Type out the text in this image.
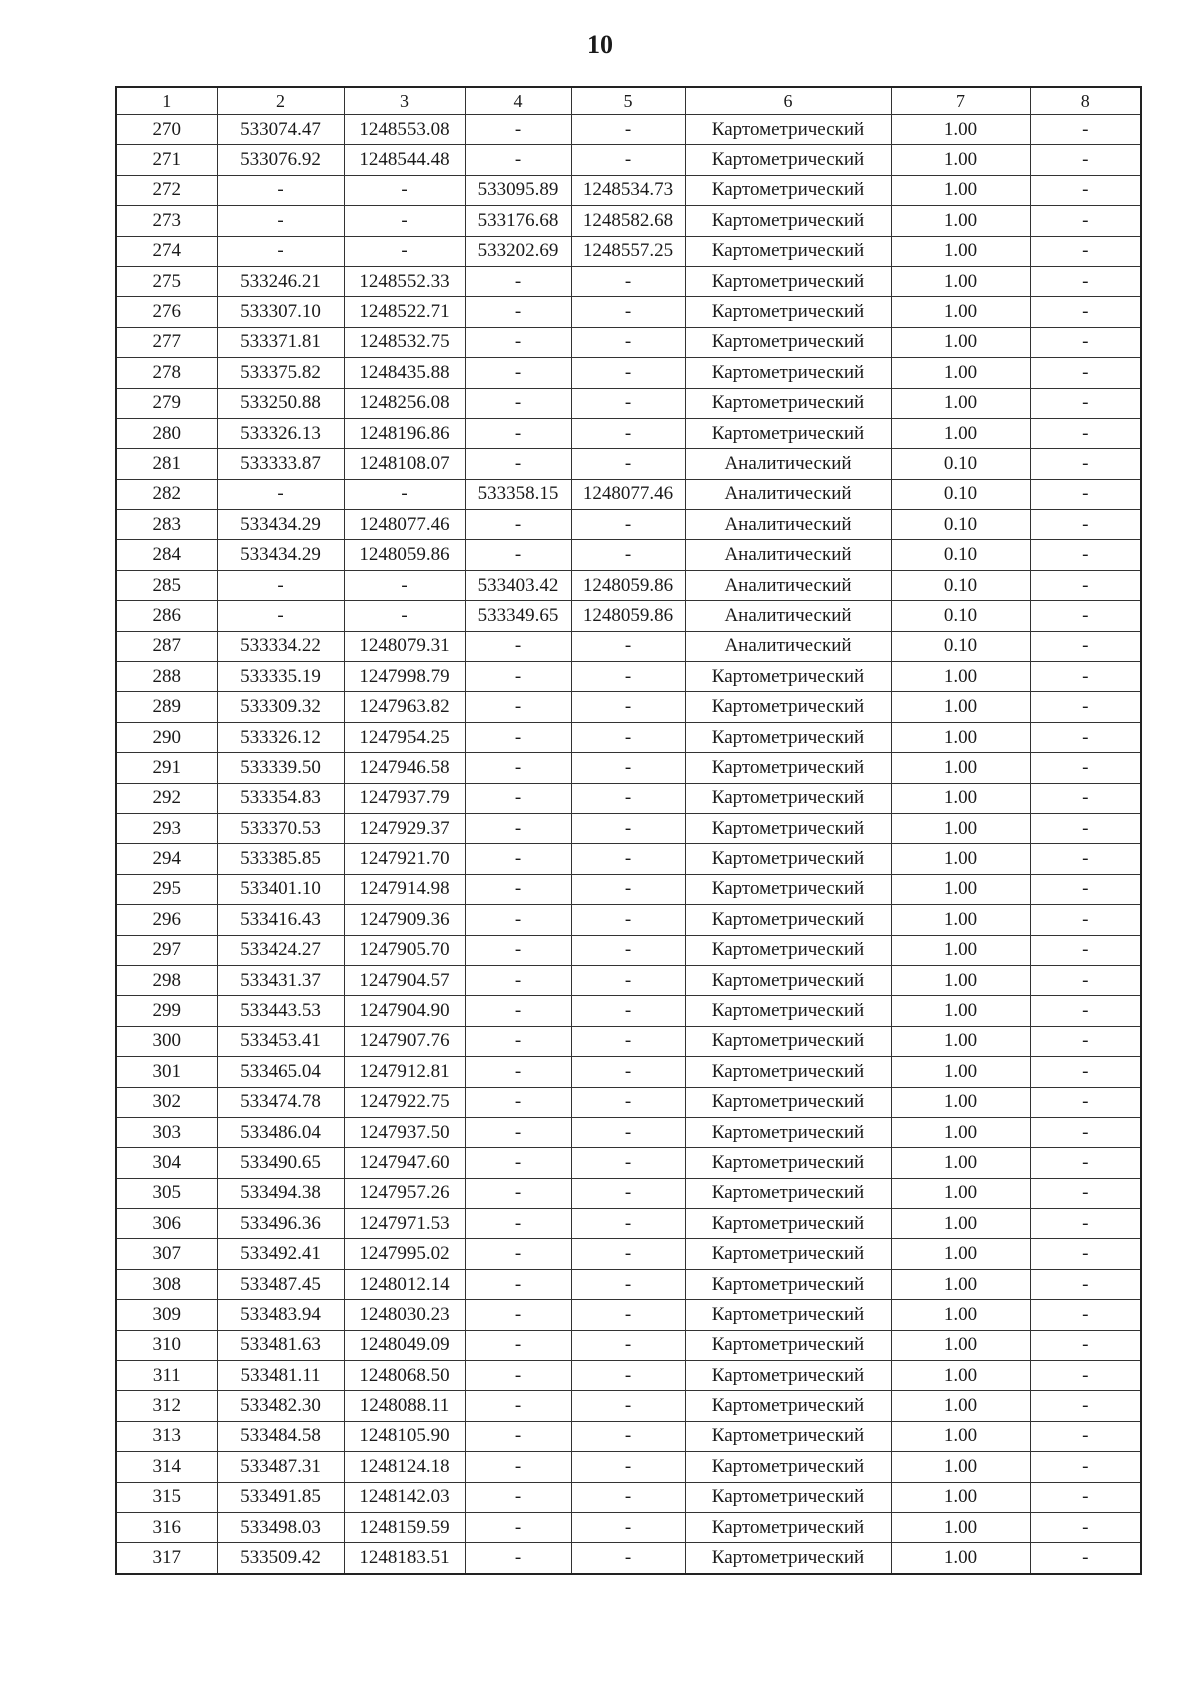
10
1	2	3	4	5	6	7	8
270	533074.47	1248553.08	-	-	Картометрический	1.00	-
271	533076.92	1248544.48	-	-	Картометрический	1.00	-
272	-	-	533095.89	1248534.73	Картометрический	1.00	-
273	-	-	533176.68	1248582.68	Картометрический	1.00	-
274	-	-	533202.69	1248557.25	Картометрический	1.00	-
275	533246.21	1248552.33	-	-	Картометрический	1.00	-
276	533307.10	1248522.71	-	-	Картометрический	1.00	-
277	533371.81	1248532.75	-	-	Картометрический	1.00	-
278	533375.82	1248435.88	-	-	Картометрический	1.00	-
279	533250.88	1248256.08	-	-	Картометрический	1.00	-
280	533326.13	1248196.86	-	-	Картометрический	1.00	-
281	533333.87	1248108.07	-	-	Аналитический	0.10	-
282	-	-	533358.15	1248077.46	Аналитический	0.10	-
283	533434.29	1248077.46	-	-	Аналитический	0.10	-
284	533434.29	1248059.86	-	-	Аналитический	0.10	-
285	-	-	533403.42	1248059.86	Аналитический	0.10	-
286	-	-	533349.65	1248059.86	Аналитический	0.10	-
287	533334.22	1248079.31	-	-	Аналитический	0.10	-
288	533335.19	1247998.79	-	-	Картометрический	1.00	-
289	533309.32	1247963.82	-	-	Картометрический	1.00	-
290	533326.12	1247954.25	-	-	Картометрический	1.00	-
291	533339.50	1247946.58	-	-	Картометрический	1.00	-
292	533354.83	1247937.79	-	-	Картометрический	1.00	-
293	533370.53	1247929.37	-	-	Картометрический	1.00	-
294	533385.85	1247921.70	-	-	Картометрический	1.00	-
295	533401.10	1247914.98	-	-	Картометрический	1.00	-
296	533416.43	1247909.36	-	-	Картометрический	1.00	-
297	533424.27	1247905.70	-	-	Картометрический	1.00	-
298	533431.37	1247904.57	-	-	Картометрический	1.00	-
299	533443.53	1247904.90	-	-	Картометрический	1.00	-
300	533453.41	1247907.76	-	-	Картометрический	1.00	-
301	533465.04	1247912.81	-	-	Картометрический	1.00	-
302	533474.78	1247922.75	-	-	Картометрический	1.00	-
303	533486.04	1247937.50	-	-	Картометрический	1.00	-
304	533490.65	1247947.60	-	-	Картометрический	1.00	-
305	533494.38	1247957.26	-	-	Картометрический	1.00	-
306	533496.36	1247971.53	-	-	Картометрический	1.00	-
307	533492.41	1247995.02	-	-	Картометрический	1.00	-
308	533487.45	1248012.14	-	-	Картометрический	1.00	-
309	533483.94	1248030.23	-	-	Картометрический	1.00	-
310	533481.63	1248049.09	-	-	Картометрический	1.00	-
311	533481.11	1248068.50	-	-	Картометрический	1.00	-
312	533482.30	1248088.11	-	-	Картометрический	1.00	-
313	533484.58	1248105.90	-	-	Картометрический	1.00	-
314	533487.31	1248124.18	-	-	Картометрический	1.00	-
315	533491.85	1248142.03	-	-	Картометрический	1.00	-
316	533498.03	1248159.59	-	-	Картометрический	1.00	-
317	533509.42	1248183.51	-	-	Картометрический	1.00	-
